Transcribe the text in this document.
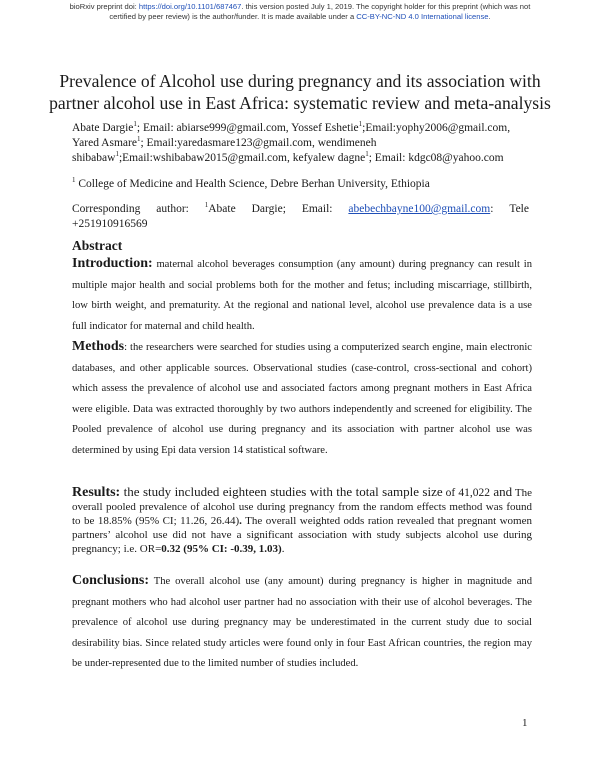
bioRxiv preprint doi: https://doi.org/10.1101/687467. this version posted July 1, 2019. The copyright holder for this preprint (which was not
certified by peer review) is the author/funder. It is made available under a CC-BY-NC-ND 4.0 International license.
Prevalence of Alcohol use during pregnancy and its association with
partner alcohol use in East Africa: systematic review and meta-analysis
Abate Dargie$^1$; Email: abiarse999@gmail.com, Yossef Eshetie$^1$;Email:yophy2006@gmail.com,
Yared Asmare$^1$; Email:yaredasmare123@gmail.com, wendimeneh
shibabaw$^1$;Email:wshibabaw2015@gmail.com, kefyalew dagne$^1$; Email: kdgc08@yahoo.com
$^1$ College of Medicine and Health Science, Debre Berhan University, Ethiopia
Corresponding author: $^1$Abate Dargie; Email: abebechbayne100@gmail.com: Tele
+251910916569
Abstract
Introduction: maternal alcohol beverages consumption (any amount) during pregnancy can result in multiple major health and social problems both for the mother and fetus; including miscarriage, stillbirth, low birth weight, and prematurity. At the regional and national level, alcohol use prevalence data is a use full indicator for maternal and child health.
Methods: the researchers were searched for studies using a computerized search engine, main electronic databases, and other applicable sources. Observational studies (case-control, cross-sectional and cohort) which assess the prevalence of alcohol use and associated factors among pregnant mothers in East Africa were eligible. Data was extracted thoroughly by two authors independently and screened for eligibility. The Pooled prevalence of alcohol use during pregnancy and its association with partner alcohol use was determined by using Epi data version 14 statistical software.
Results: the study included eighteen studies with the total sample size of 41,022 and The overall pooled prevalence of alcohol use during pregnancy from the random effects method was found to be 18.85% (95% CI; 11.26, 26.44). The overall weighted odds ration revealed that pregnant women partners’ alcohol use did not have a significant association with study subjects alcohol use during pregnancy; i.e. OR=0.32 (95% CI: -0.39, 1.03).
Conclusions: The overall alcohol use (any amount) during pregnancy is higher in magnitude and pregnant mothers who had alcohol user partner had no association with their use of alcohol beverages. The prevalence of alcohol use during pregnancy may be underestimated in the current study due to social desirability bias. Since related study articles were found only in four East African countries, the region may be under-represented due to the limited number of studies included.
1
